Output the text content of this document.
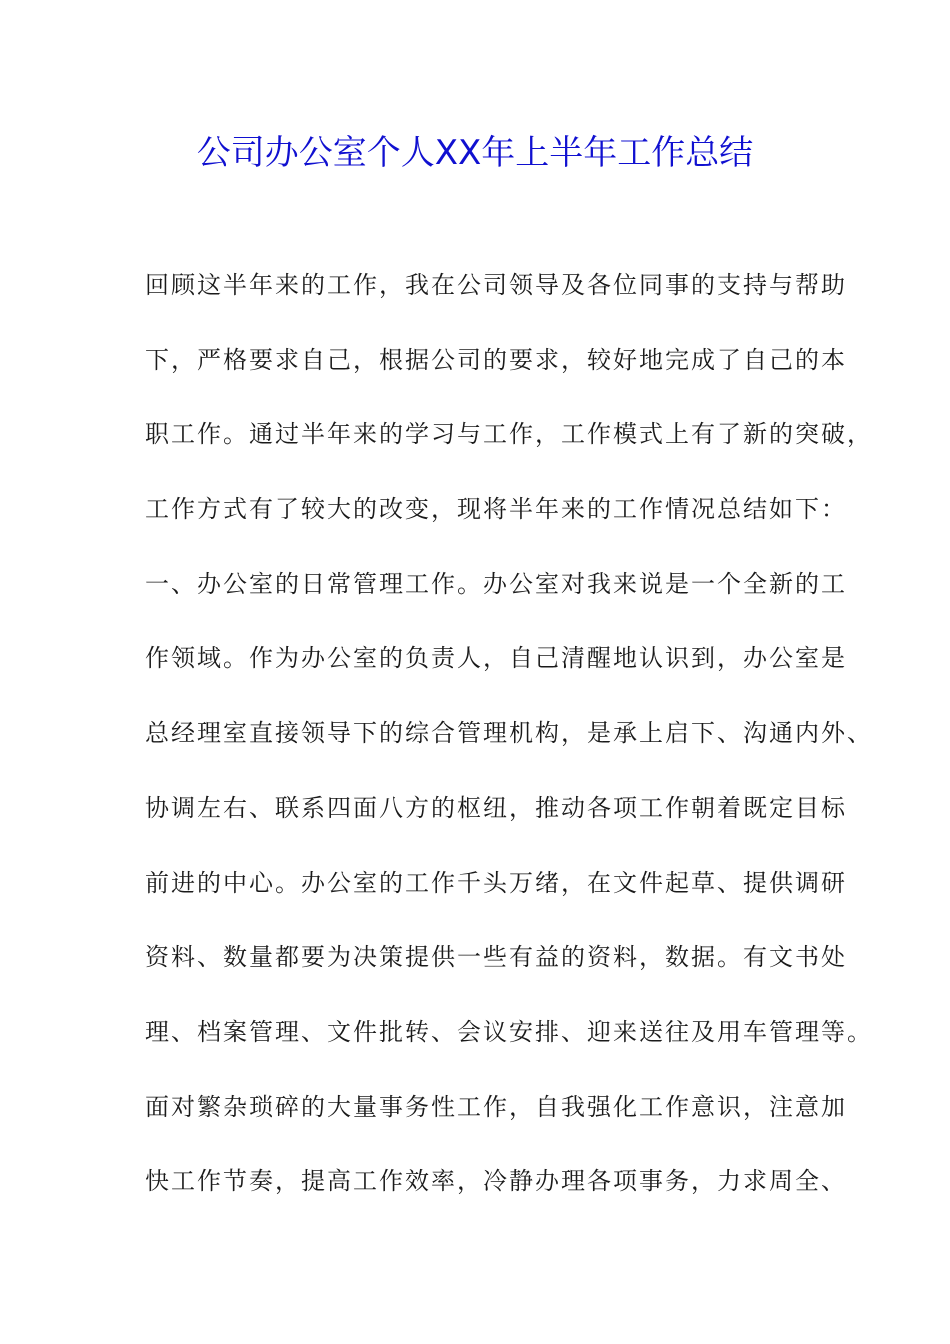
公司办公室个人XX年上半年工作总结
回顾这半年来的工作，我在公司领导及各位同事的支持与帮助
下，严格要求自己，根据公司的要求，较好地完成了自己的本
职工作。通过半年来的学习与工作，工作模式上有了新的突破，
工作方式有了较大的改变，现将半年来的工作情况总结如下：
一、办公室的日常管理工作。办公室对我来说是一个全新的工
作领域。作为办公室的负责人，自己清醒地认识到，办公室是
总经理室直接领导下的综合管理机构，是承上启下、沟通内外、
协调左右、联系四面八方的枢纽，推动各项工作朝着既定目标
前进的中心。办公室的工作千头万绪，在文件起草、提供调研
资料、数量都要为决策提供一些有益的资料，数据。有文书处
理、档案管理、文件批转、会议安排、迎来送往及用车管理等。
面对繁杂琐碎的大量事务性工作，自我强化工作意识，注意加
快工作节奏，提高工作效率，冷静办理各项事务，力求周全、
